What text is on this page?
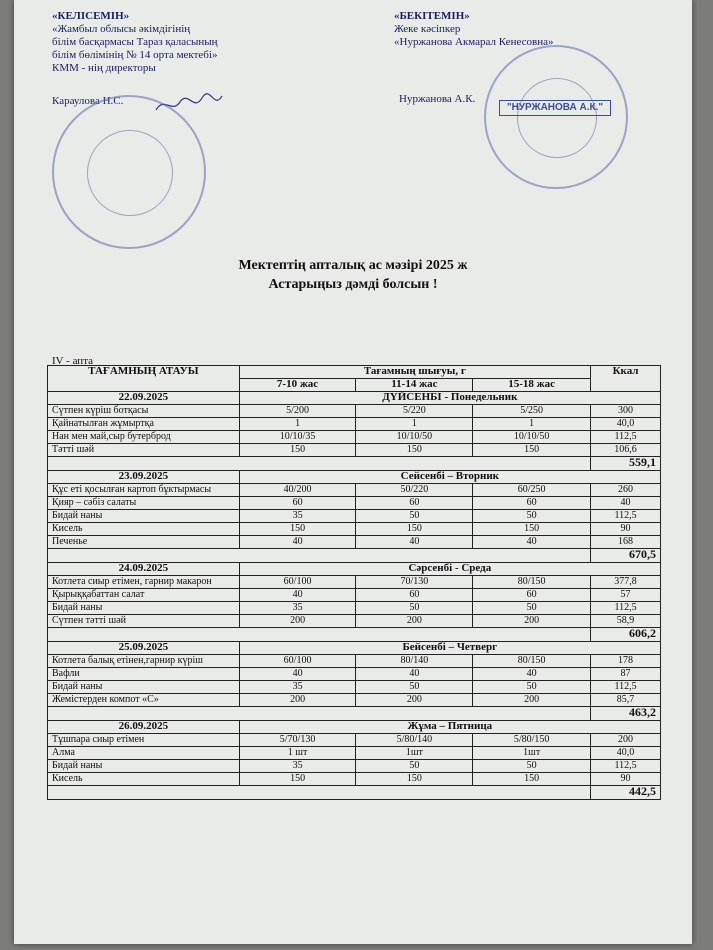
«КЕЛІСЕМІН»
«Жамбыл облысы әкімдігінің
білім басқармасы Тараз қаласының
білім бөлімінің № 14 орта мектебі»
КММ - нің директоры
Караулова Н.С.
«БЕКІТЕМІН»
Жеке кәсіпкер
«Нуржанова Акмарал Кенесовна»
Нуржанова А.К.
"НУРЖАНОВА А.К."
Мектептің апталық ас мәзірі 2025 ж
Астарыңыз дәмді болсын !
IV - апта
ТАҒАМНЫҢ АТАУЫ	Тағамның шығуы, г			Ккал
	7-10 жас	11-14 жас	15-18 жас	
22.09.2025	ДҮЙСЕНБІ - Понедельник			
Сүтпен күріш ботқасы	5/200	5/220	5/250	300
Қайнатылған жұмыртқа	1	1	1	40,0
Нан мен май,сыр бутерброд	10/10/35	10/10/50	10/10/50	112,5
Тәтті шәй	150	150	150	106,6
				559,1
23.09.2025	Сейсенбі – Вторник			
Құс еті қосылған картоп бұктырмасы	40/200	50/220	60/250	260
Қияр – сәбіз салаты	60	60	60	40
Бидай наны	35	50	50	112,5
Кисель	150	150	150	90
Печенье	40	40	40	168
				670,5
24.09.2025	Сәрсенбі - Среда			
Котлета сиыр етімен, гарнир макарон	60/100	70/130	80/150	377,8
Қырыққабаттан салат	40	60	60	57
Бидай наны	35	50	50	112,5
Сүтпен тәтті шәй	200	200	200	58,9
				606,2
25.09.2025	Бейсенбі – Четверг			
Котлета балық етінен,гарнир күріш	60/100	80/140	80/150	178
Вафли	40	40	40	87
Бидай наны	35	50	50	112,5
Жемістерден компот «С»	200	200	200	85,7
				463,2
26.09.2025	Жұма – Пятница			
Тұшпара сиыр етімен	5/70/130	5/80/140	5/80/150	200
Алма	1 шт	1шт	1шт	40,0
Бидай наны	35	50	50	112,5
Кисель	150	150	150	90
				442,5
